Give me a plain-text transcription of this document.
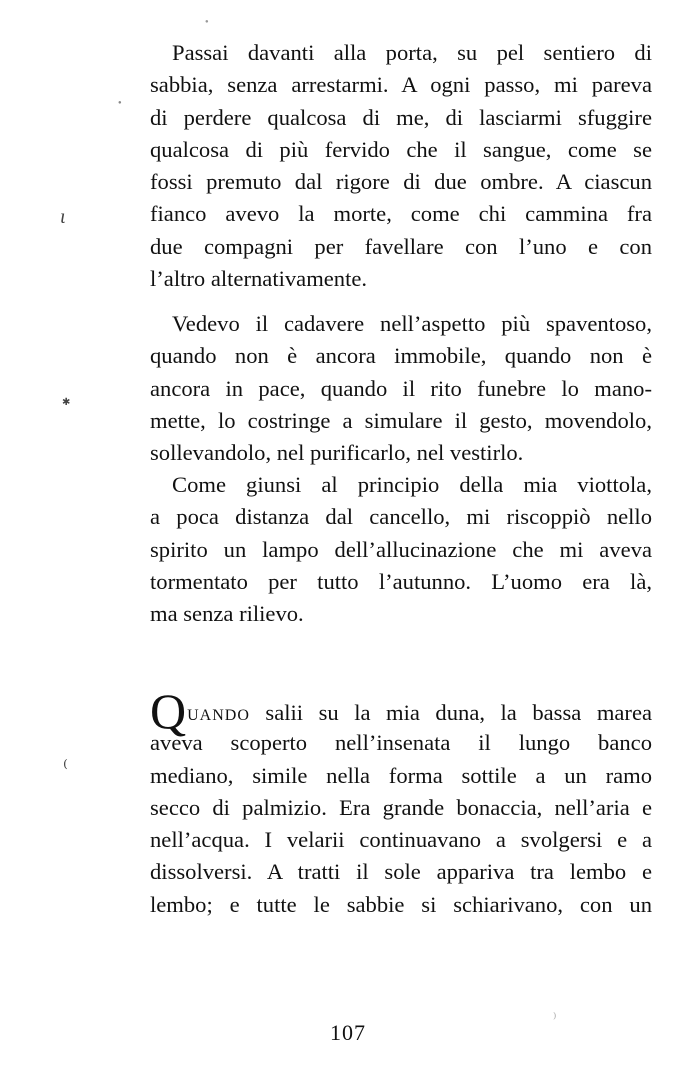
Passai davanti alla porta, su pel sentiero di
sabbia, senza arrestarmi. A ogni passo, mi pareva
di perdere qualcosa di me, di lasciarmi sfuggire
qualcosa di più fervido che il sangue, come se
fossi premuto dal rigore di due ombre. A ciascun
fianco avevo la morte, come chi cammina fra
due compagni per favellare con l’uno e con
l’altro alternativamente.
Vedevo il cadavere nell’aspetto più spaventoso,
quando non è ancora immobile, quando non è
ancora in pace, quando il rito funebre lo mano-
mette, lo costringe a simulare il gesto, movendolo,
sollevandolo, nel purificarlo, nel vestirlo.
Come giunsi al principio della mia viottola,
a poca distanza dal cancello, mi riscoppiò nello
spirito un lampo dell’allucinazione che mi aveva
tormentato per tutto l’autunno. L’uomo era là,
ma senza rilievo.
Quando salii su la mia duna, la bassa marea
aveva scoperto nell’insenata il lungo banco
mediano, simile nella forma sottile a un ramo
secco di palmizio. Era grande bonaccia, nell’aria e
nell’acqua. I velarii continuavano a svolgersi e a
dissolversi. A tratti il sole appariva tra lembo e
lembo; e tutte le sabbie si schiarivano, con un
107
ɩ
✱
⁽
●
●
⁾
